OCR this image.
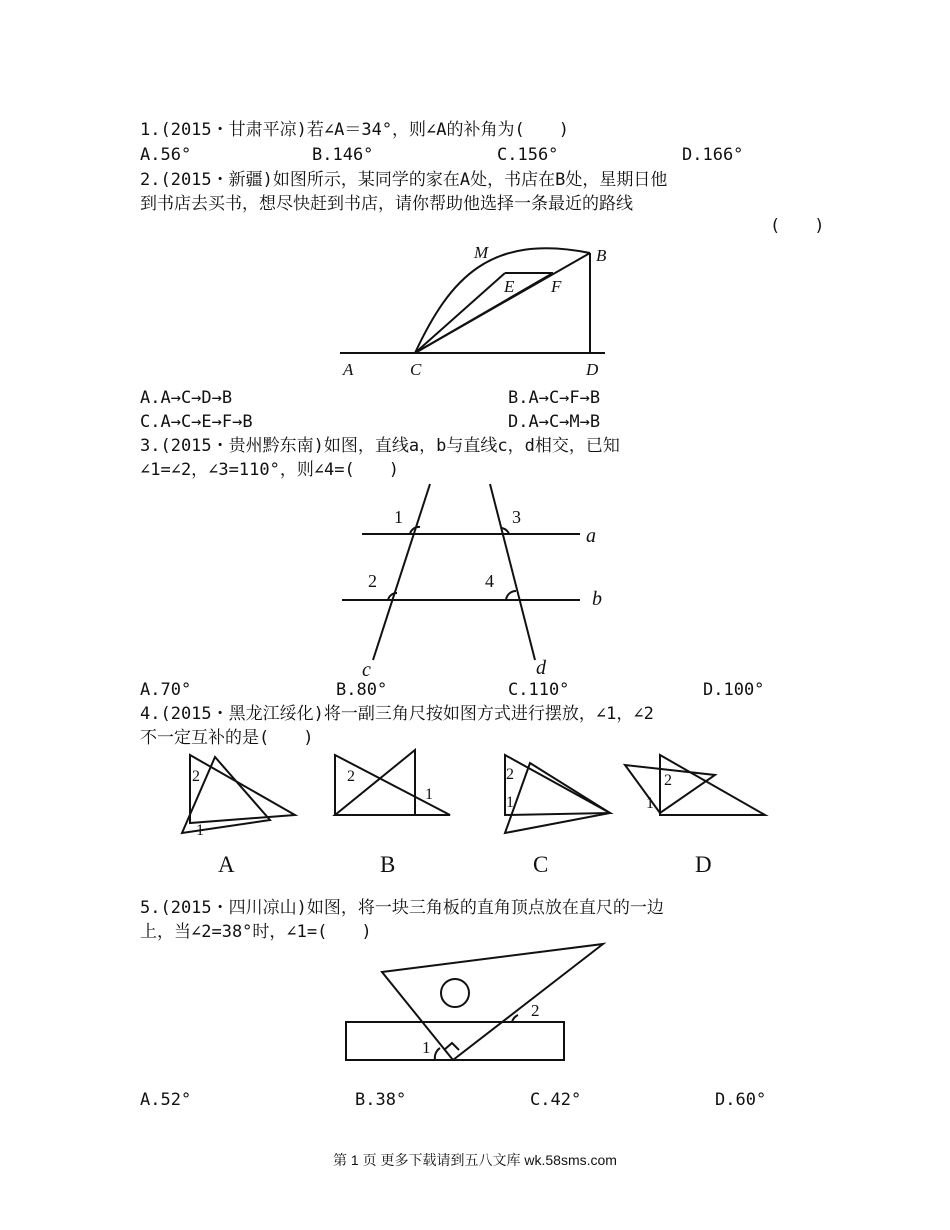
1.(2015・甘肃平凉)若∠A＝34°，则∠A的补角为(　　)
A.56°	B.146°	C.156°	D.166°
2.(2015・新疆)如图所示，某同学的家在A处，书店在B处，星期日他
到书店去买书，想尽快赶到书店，请你帮助他选择一条最近的路线
(　　)
M	B
E F
A	C	D
A.A→C→D→B	B.A→C→F→B
C.A→C→E→F→B	D.A→C→M→B
3.(2015・贵州黔东南)如图，直线a，b与直线c，d相交，已知
∠1=∠2，∠3=110°，则∠4=(　　)
1	3
2	4
a
b
c	d
A.70°	B.80°	C.110°	D.100°
4.(2015・黑龙江绥化)将一副三角尺按如图方式进行摆放，∠1，∠2
不一定互补的是(　　)
2
1
2
1
2
1
2
1
A	B	C	D
5.(2015・四川凉山)如图，将一块三角板的直角顶点放在直尺的一边
上，当∠2=38°时，∠1=(　　)
1
2
A.52°	B.38°	C.42°	D.60°
第 1 页 更多下载请到五八文库 wk.58sms.com
